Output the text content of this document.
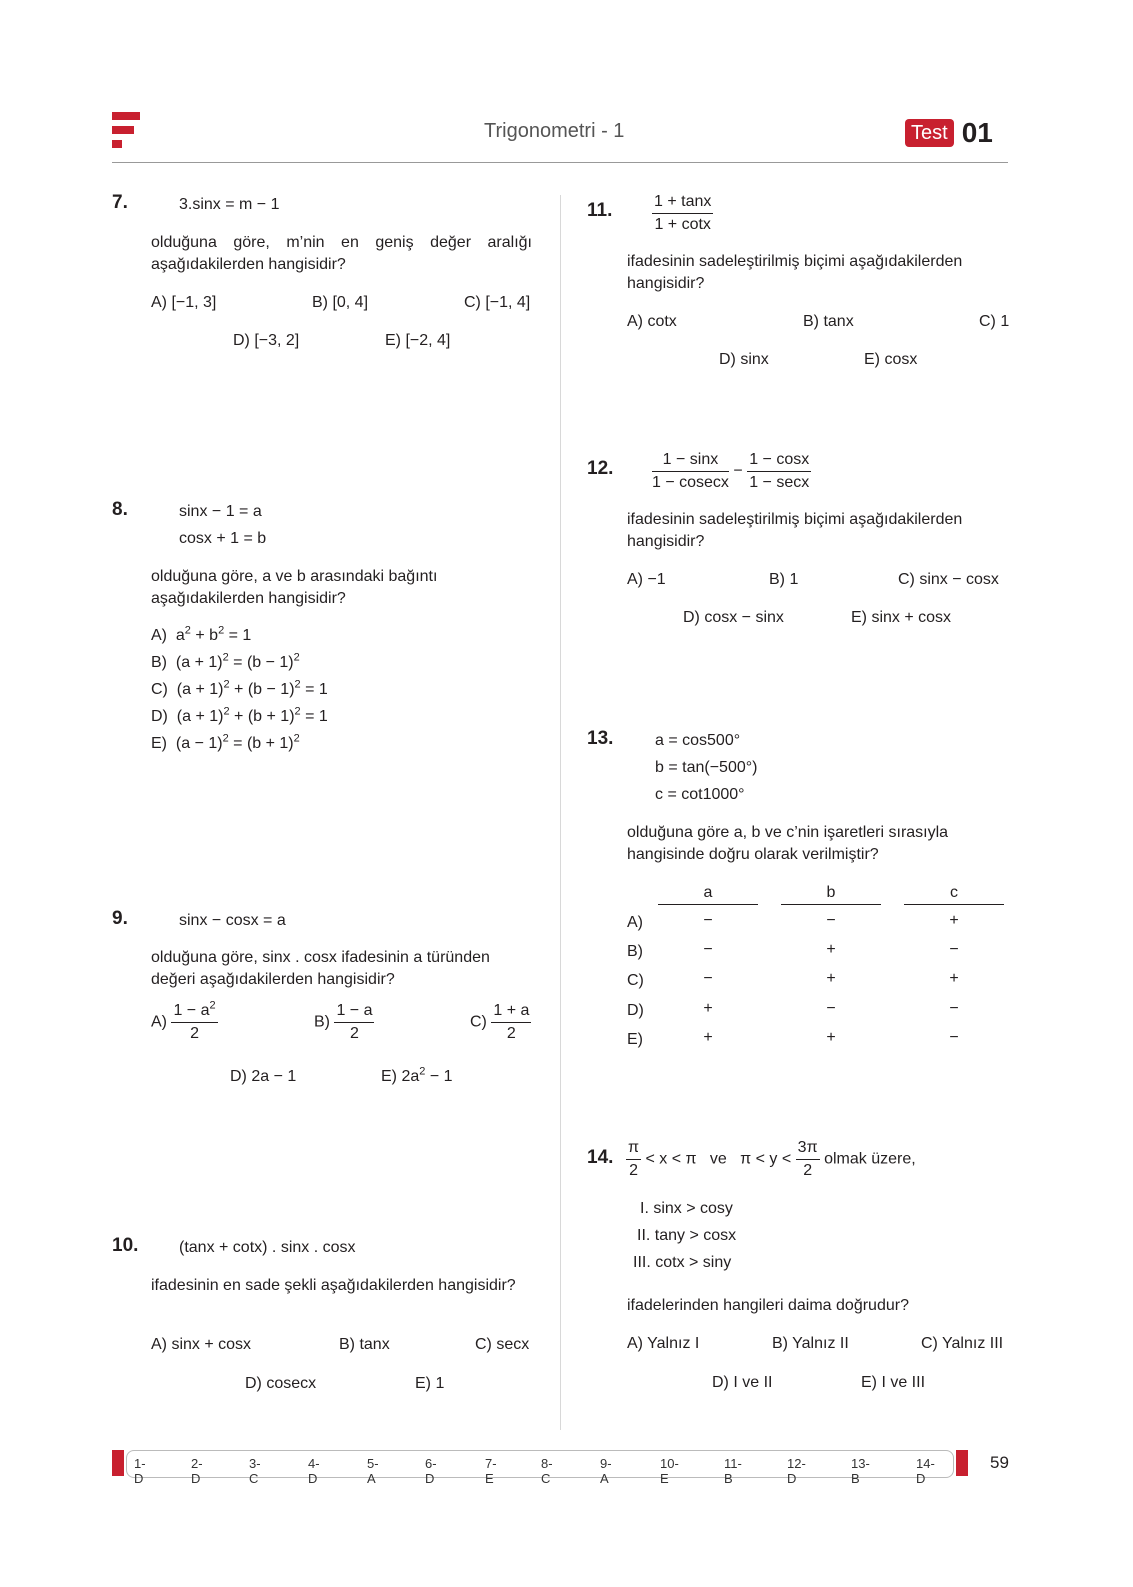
Trigonometri - 1	Test 01
7.	3.sinx = m − 1
olduğuna göre, m’nin en geniş değer aralığı aşağıdakilerden hangisidir?
A) [−1, 3]	B) [0, 4]	C) [−1, 4]
D) [−3, 2]	E) [−2, 4]
8.	sinx − 1 = a
cosx + 1 = b
olduğuna göre, a ve b arasındaki bağıntı aşağıdakilerden hangisidir?
A) $a^2 + b^2 = 1$
B) $(a + 1)^2 = (b - 1)^2$
C) $(a + 1)^2 + (b - 1)^2 = 1$
D) $(a + 1)^2 + (b + 1)^2 = 1$
E) $(a - 1)^2 = (b + 1)^2$
9.	sinx − cosx = a
olduğuna göre, sinx . cosx ifadesinin a türünden değeri aşağıdakilerden hangisidir?
$A) \frac{1 - a^2}{2}$	$B) \frac{1 - a}{2}$	$C) \frac{1 + a}{2}$
D) 2a − 1	E) $2a^2 - 1$
10.	(tanx + cotx) . sinx . cosx
ifadesinin en sade şekli aşağıdakilerden hangisidir?
A) sinx + cosx	B) tanx	C) secx
D) cosecx	E) 1
11. $\frac{1 + \tan x}{1 + \cot x}$
ifadesinin sadeleştirilmiş biçimi aşağıdakilerden hangisidir?
A) cotx	B) tanx	C) 1
D) sinx	E) cosx
12. $\frac{1 - \sin x}{1 - cosecx} - \frac{1 - \cos x}{1 - \sec x}$
ifadesinin sadeleştirilmiş biçimi aşağıdakilerden hangisidir?
A) −1	B) 1	C) sinx − cosx
D) cosx − sinx	E) sinx + cosx
13.	a = cos500°
b = tan(−500°)
c = cot1000°
olduğuna göre a, b ve c’nin işaretleri sırasıyla hangisinde doğru olarak verilmiştir?
a	b	c
A)	−	−	+
B)	−	+	−
C)	−	+	+
D)	+	−	−
E)	+	+	−
14. $\frac{\pi}{2} < x < \pi$ ve $\pi < y < \frac{3\pi}{2}$ olmak üzere,
I. sinx > cosy
II. tany > cosx
III. cotx > siny
ifadelerinden hangileri daima doğrudur?
A) Yalnız I	B) Yalnız II	C) Yalnız III
D) I ve II	E) I ve III
1-D
2-D
3-C
4-D
5-A
6-D
7-E
8-C
9-A
10-E
11-B
12-D
13-B
14-D
59
